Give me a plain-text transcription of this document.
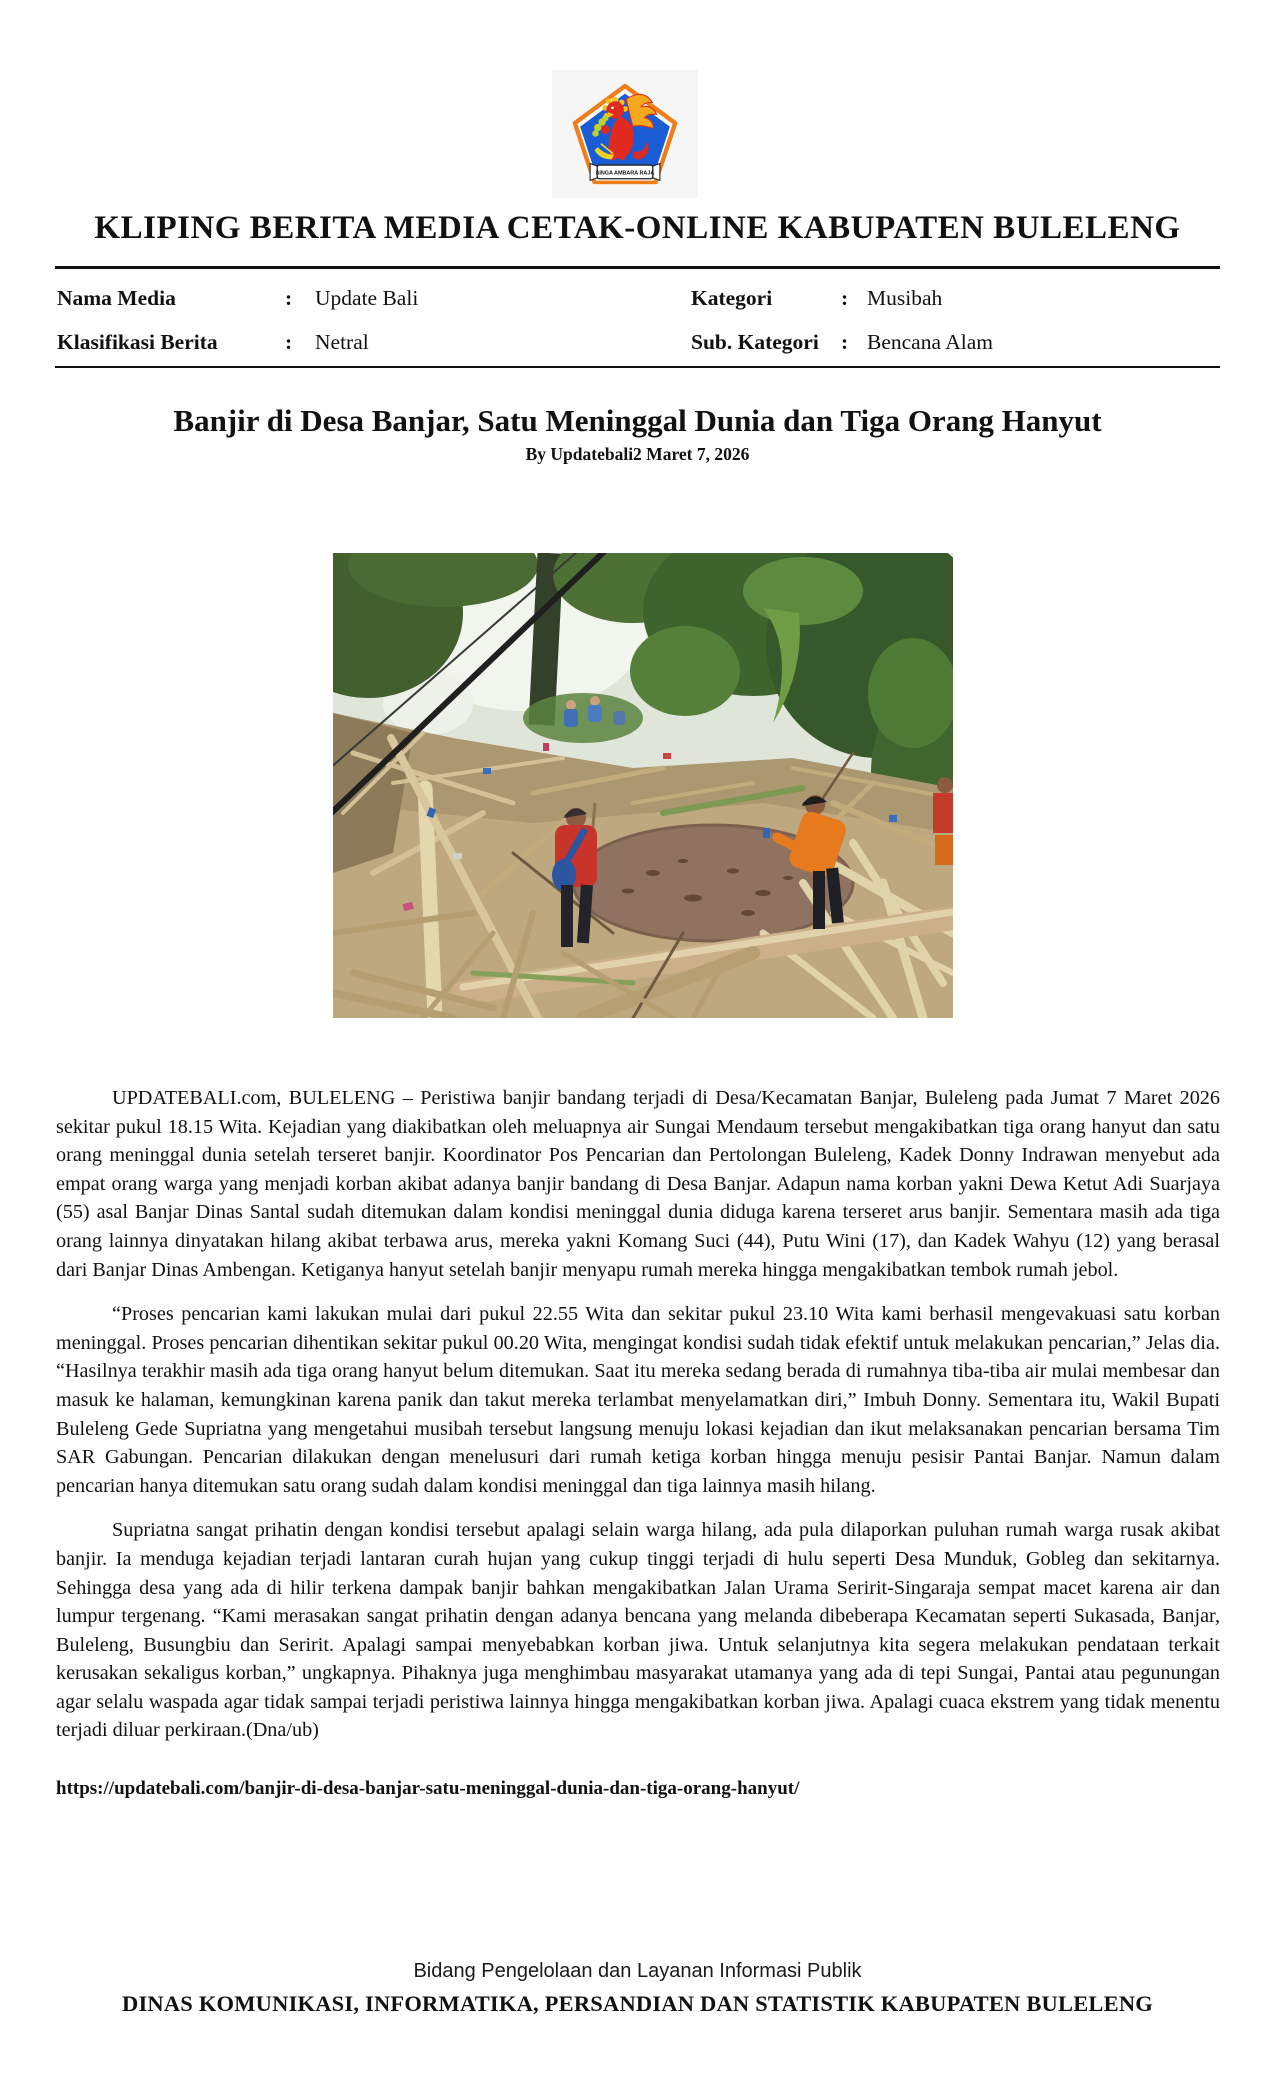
SINGA AMBARA RAJA
KLIPING BERITA MEDIA CETAK-ONLINE KABUPATEN BULELENG
Nama Media	:	Update Bali	Kategori	: Musibah
Klasifikasi Berita	:	Netral	Sub. Kategori	: Bencana Alam
Banjir di Desa Banjar, Satu Meninggal Dunia dan Tiga Orang Hanyut
By Updatebali2 Maret 7, 2026

UPDATEBALI.com, BULELENG – Peristiwa banjir bandang terjadi di Desa/Kecamatan Banjar, Buleleng pada Jumat 7 Maret 2026 sekitar pukul 18.15 Wita. Kejadian yang diakibatkan oleh meluapnya air Sungai Mendaum tersebut mengakibatkan tiga orang hanyut dan satu orang meninggal dunia setelah terseret banjir. Koordinator Pos Pencarian dan Pertolongan Buleleng, Kadek Donny Indrawan menyebut ada empat orang warga yang menjadi korban akibat adanya banjir bandang di Desa Banjar. Adapun nama korban yakni Dewa Ketut Adi Suarjaya (55) asal Banjar Dinas Santal sudah ditemukan dalam kondisi meninggal dunia diduga karena terseret arus banjir. Sementara masih ada tiga orang lainnya dinyatakan hilang akibat terbawa arus, mereka yakni Komang Suci (44), Putu Wini (17), dan Kadek Wahyu (12) yang berasal dari Banjar Dinas Ambengan. Ketiganya hanyut setelah banjir menyapu rumah mereka hingga mengakibatkan tembok rumah jebol.

“Proses pencarian kami lakukan mulai dari pukul 22.55 Wita dan sekitar pukul 23.10 Wita kami berhasil mengevakuasi satu korban meninggal. Proses pencarian dihentikan sekitar pukul 00.20 Wita, mengingat kondisi sudah tidak efektif untuk melakukan pencarian,” Jelas dia. “Hasilnya terakhir masih ada tiga orang hanyut belum ditemukan. Saat itu mereka sedang berada di rumahnya tiba-tiba air mulai membesar dan masuk ke halaman, kemungkinan karena panik dan takut mereka terlambat menyelamatkan diri,” Imbuh Donny. Sementara itu, Wakil Bupati Buleleng Gede Supriatna yang mengetahui musibah tersebut langsung menuju lokasi kejadian dan ikut melaksanakan pencarian bersama Tim SAR Gabungan. Pencarian dilakukan dengan menelusuri dari rumah ketiga korban hingga menuju pesisir Pantai Banjar. Namun dalam pencarian hanya ditemukan satu orang sudah dalam kondisi meninggal dan tiga lainnya masih hilang.

Supriatna sangat prihatin dengan kondisi tersebut apalagi selain warga hilang, ada pula dilaporkan puluhan rumah warga rusak akibat banjir. Ia menduga kejadian terjadi lantaran curah hujan yang cukup tinggi terjadi di hulu seperti Desa Munduk, Gobleg dan sekitarnya. Sehingga desa yang ada di hilir terkena dampak banjir bahkan mengakibatkan Jalan Urama Seririt-Singaraja sempat macet karena air dan lumpur tergenang. “Kami merasakan sangat prihatin dengan adanya bencana yang melanda dibeberapa Kecamatan seperti Sukasada, Banjar, Buleleng, Busungbiu dan Seririt. Apalagi sampai menyebabkan korban jiwa. Untuk selanjutnya kita segera melakukan pendataan terkait kerusakan sekaligus korban,” ungkapnya. Pihaknya juga menghimbau masyarakat utamanya yang ada di tepi Sungai, Pantai atau pegunungan agar selalu waspada agar tidak sampai terjadi peristiwa lainnya hingga mengakibatkan korban jiwa. Apalagi cuaca ekstrem yang tidak menentu terjadi diluar perkiraan.(Dna/ub)

https://updatebali.com/banjir-di-desa-banjar-satu-meninggal-dunia-dan-tiga-orang-hanyut/
Bidang Pengelolaan dan Layanan Informasi Publik
DINAS KOMUNIKASI, INFORMATIKA, PERSANDIAN DAN STATISTIK KABUPATEN BULELENG
